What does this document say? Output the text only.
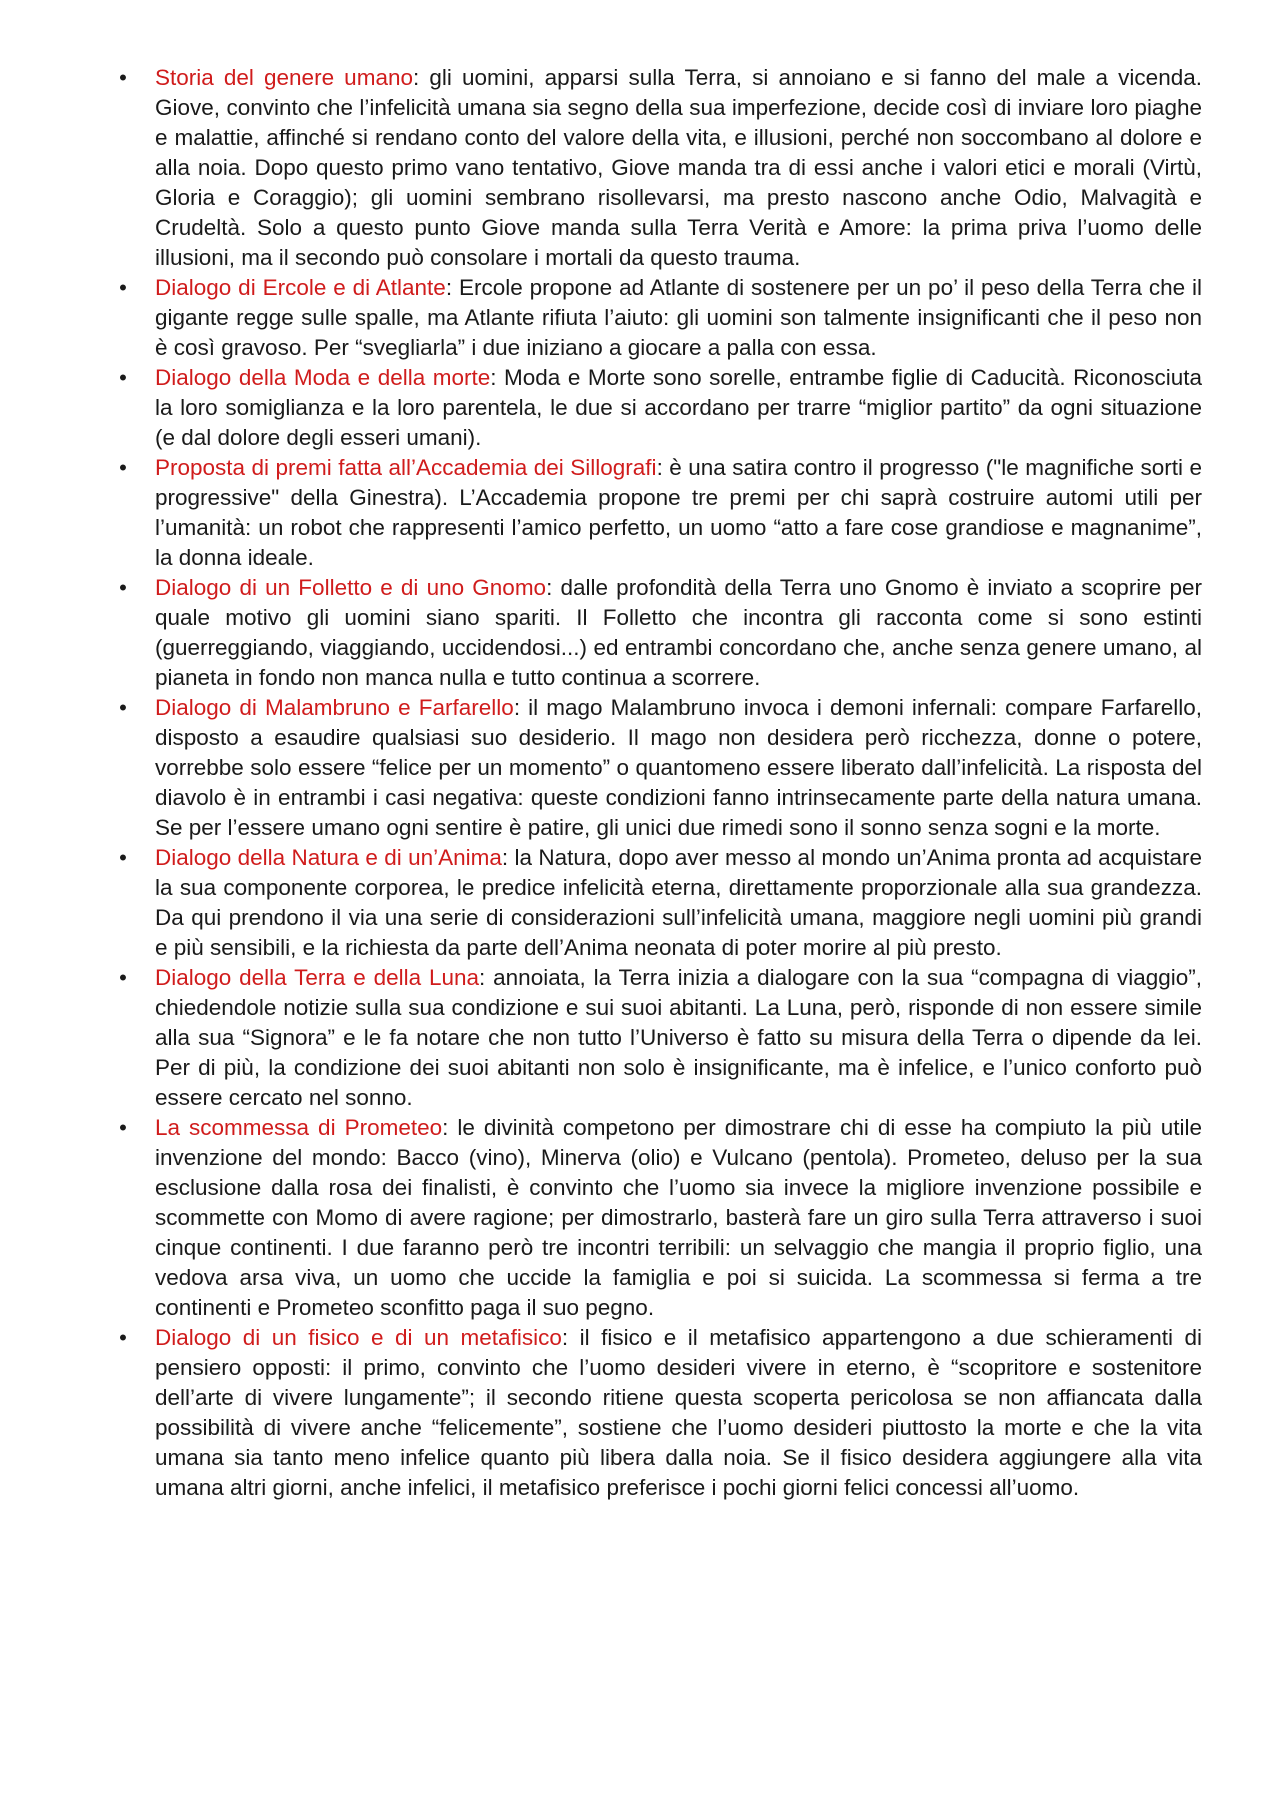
• Storia del genere umano: gli uomini, apparsi sulla Terra, si annoiano e si fanno del male a vicenda. Giove, convinto che l’infelicità umana sia segno della sua imperfezione, decide così di inviare loro piaghe e malattie, affinché si rendano conto del valore della vita, e illusioni, perché non soccombano al dolore e alla noia. Dopo questo primo vano tentativo, Giove manda tra di essi anche i valori etici e morali (Virtù, Gloria e Coraggio); gli uomini sembrano risollevarsi, ma presto nascono anche Odio, Malvagità e Crudeltà. Solo a questo punto Giove manda sulla Terra Verità e Amore: la prima priva l’uomo delle illusioni, ma il secondo può consolare i mortali da questo trauma.
• Dialogo di Ercole e di Atlante: Ercole propone ad Atlante di sostenere per un po’ il peso della Terra che il gigante regge sulle spalle, ma Atlante rifiuta l’aiuto: gli uomini son talmente insignificanti che il peso non è così gravoso. Per “svegliarla” i due iniziano a giocare a palla con essa.
• Dialogo della Moda e della morte: Moda e Morte sono sorelle, entrambe figlie di Caducità. Riconosciuta la loro somiglianza e la loro parentela, le due si accordano per trarre “miglior partito” da ogni situazione (e dal dolore degli esseri umani).
• Proposta di premi fatta all’Accademia dei Sillografi: è una satira contro il progresso ("le magnifiche sorti e progressive" della Ginestra). L’Accademia propone tre premi per chi saprà costruire automi utili per l’umanità: un robot che rappresenti l’amico perfetto, un uomo “atto a fare cose grandiose e magnanime”, la donna ideale.
• Dialogo di un Folletto e di uno Gnomo: dalle profondità della Terra uno Gnomo è inviato a scoprire per quale motivo gli uomini siano spariti. Il Folletto che incontra gli racconta come si sono estinti (guerreggiando, viaggiando, uccidendosi...) ed entrambi concordano che, anche senza genere umano, al pianeta in fondo non manca nulla e tutto continua a scorrere.
• Dialogo di Malambruno e Farfarello: il mago Malambruno invoca i demoni infernali: compare Farfarello, disposto a esaudire qualsiasi suo desiderio. Il mago non desidera però ricchezza, donne o potere, vorrebbe solo essere “felice per un momento” o quantomeno essere liberato dall’infelicità. La risposta del diavolo è in entrambi i casi negativa: queste condizioni fanno intrinsecamente parte della natura umana. Se per l’essere umano ogni sentire è patire, gli unici due rimedi sono il sonno senza sogni e la morte.
• Dialogo della Natura e di un’Anima: la Natura, dopo aver messo al mondo un’Anima pronta ad acquistare la sua componente corporea, le predice infelicità eterna, direttamente proporzionale alla sua grandezza. Da qui prendono il via una serie di considerazioni sull’infelicità umana, maggiore negli uomini più grandi e più sensibili, e la richiesta da parte dell’Anima neonata di poter morire al più presto.
• Dialogo della Terra e della Luna: annoiata, la Terra inizia a dialogare con la sua “compagna di viaggio”, chiedendole notizie sulla sua condizione e sui suoi abitanti. La Luna, però, risponde di non essere simile alla sua “Signora” e le fa notare che non tutto l’Universo è fatto su misura della Terra o dipende da lei. Per di più, la condizione dei suoi abitanti non solo è insignificante, ma è infelice, e l’unico conforto può essere cercato nel sonno.
• La scommessa di Prometeo: le divinità competono per dimostrare chi di esse ha compiuto la più utile invenzione del mondo: Bacco (vino), Minerva (olio) e Vulcano (pentola). Prometeo, deluso per la sua esclusione dalla rosa dei finalisti, è convinto che l’uomo sia invece la migliore invenzione possibile e scommette con Momo di avere ragione; per dimostrarlo, basterà fare un giro sulla Terra attraverso i suoi cinque continenti. I due faranno però tre incontri terribili: un selvaggio che mangia il proprio figlio, una vedova arsa viva, un uomo che uccide la famiglia e poi si suicida. La scommessa si ferma a tre continenti e Prometeo sconfitto paga il suo pegno.
• Dialogo di un fisico e di un metafisico: il fisico e il metafisico appartengono a due schieramenti di pensiero opposti: il primo, convinto che l’uomo desideri vivere in eterno, è “scopritore e sostenitore dell’arte di vivere lungamente”; il secondo ritiene questa scoperta pericolosa se non affiancata dalla possibilità di vivere anche “felicemente”, sostiene che l’uomo desideri piuttosto la morte e che la vita umana sia tanto meno infelice quanto più libera dalla noia. Se il fisico desidera aggiungere alla vita umana altri giorni, anche infelici, il metafisico preferisce i pochi giorni felici concessi all’uomo.
